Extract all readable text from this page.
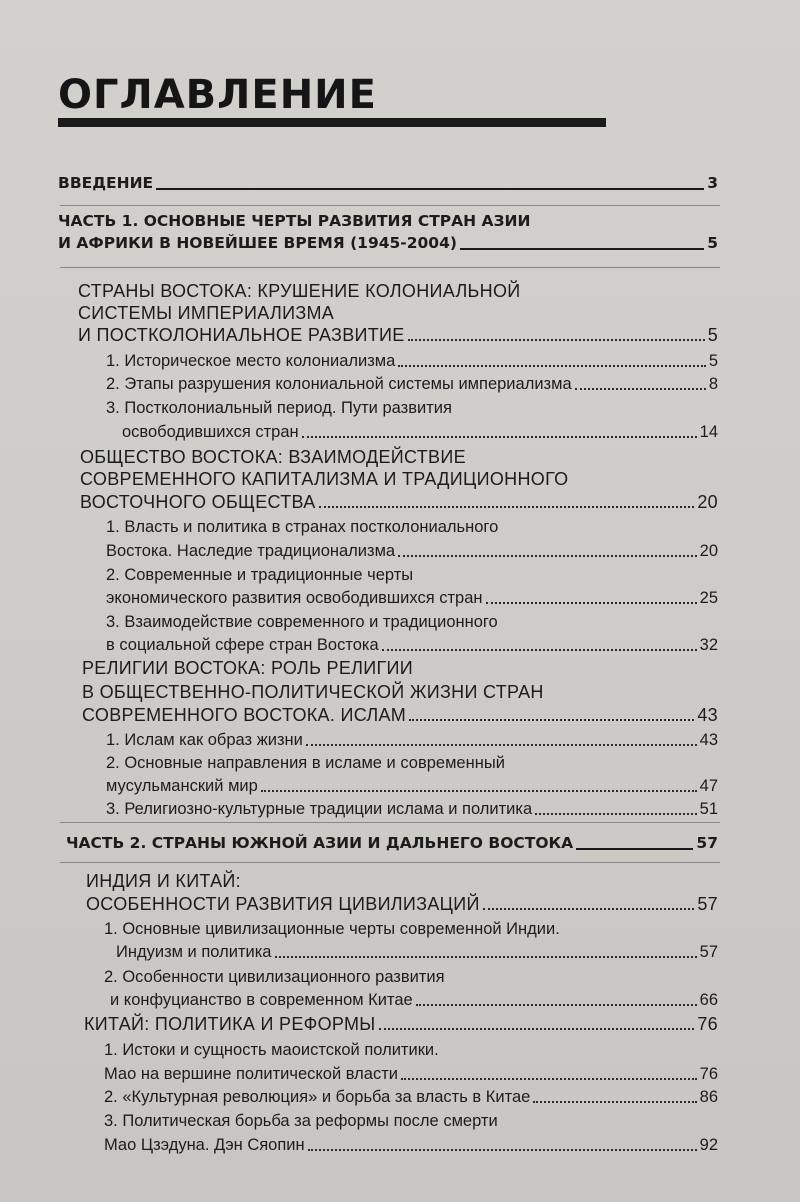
ОГЛАВЛЕНИЕ
ВВЕДЕНИЕ	3
ЧАСТЬ 1. ОСНОВНЫЕ ЧЕРТЫ РАЗВИТИЯ СТРАН АЗИИ
И АФРИКИ В НОВЕЙШЕЕ ВРЕМЯ (1945-2004)	5
СТРАНЫ ВОСТОКА: КРУШЕНИЕ КОЛОНИАЛЬНОЙ
СИСТЕМЫ ИМПЕРИАЛИЗМА
И ПОСТКОЛОНИАЛЬНОЕ РАЗВИТИЕ	5
1. Историческое место колониализма	5
2. Этапы разрушения колониальной системы империализма	8
3. Постколониальный период. Пути развития
освободившихся стран	14
ОБЩЕСТВО ВОСТОКА: ВЗАИМОДЕЙСТВИЕ
СОВРЕМЕННОГО КАПИТАЛИЗМА И ТРАДИЦИОННОГО
ВОСТОЧНОГО ОБЩЕСТВА	20
1. Власть и политика в странах постколониального
Востока. Наследие традиционализма	20
2. Современные и традиционные черты
экономического развития освободившихся стран	25
3. Взаимодействие современного и традиционного
в социальной сфере стран Востока	32
РЕЛИГИИ ВОСТОКА: РОЛЬ РЕЛИГИИ
В ОБЩЕСТВЕННО-ПОЛИТИЧЕСКОЙ ЖИЗНИ СТРАН
СОВРЕМЕННОГО ВОСТОКА. ИСЛАМ	43
1. Ислам как образ жизни	43
2. Основные направления в исламе и современный
мусульманский мир	47
3. Религиозно-культурные традиции ислама и политика	51
ЧАСТЬ 2. СТРАНЫ ЮЖНОЙ АЗИИ И ДАЛЬНЕГО ВОСТОКА	57
ИНДИЯ И КИТАЙ:
ОСОБЕННОСТИ РАЗВИТИЯ ЦИВИЛИЗАЦИЙ	57
1. Основные цивилизационные черты современной Индии.
Индуизм и политика	57
2. Особенности цивилизационного развития
и конфуцианство в современном Китае	66
КИТАЙ: ПОЛИТИКА И РЕФОРМЫ	76
1. Истоки и сущность маоистской политики.
Мао на вершине политической власти	76
2. «Культурная революция» и борьба за власть в Китае	86
3. Политическая борьба за реформы после смерти
Мао Цзэдуна. Дэн Сяопин	92
